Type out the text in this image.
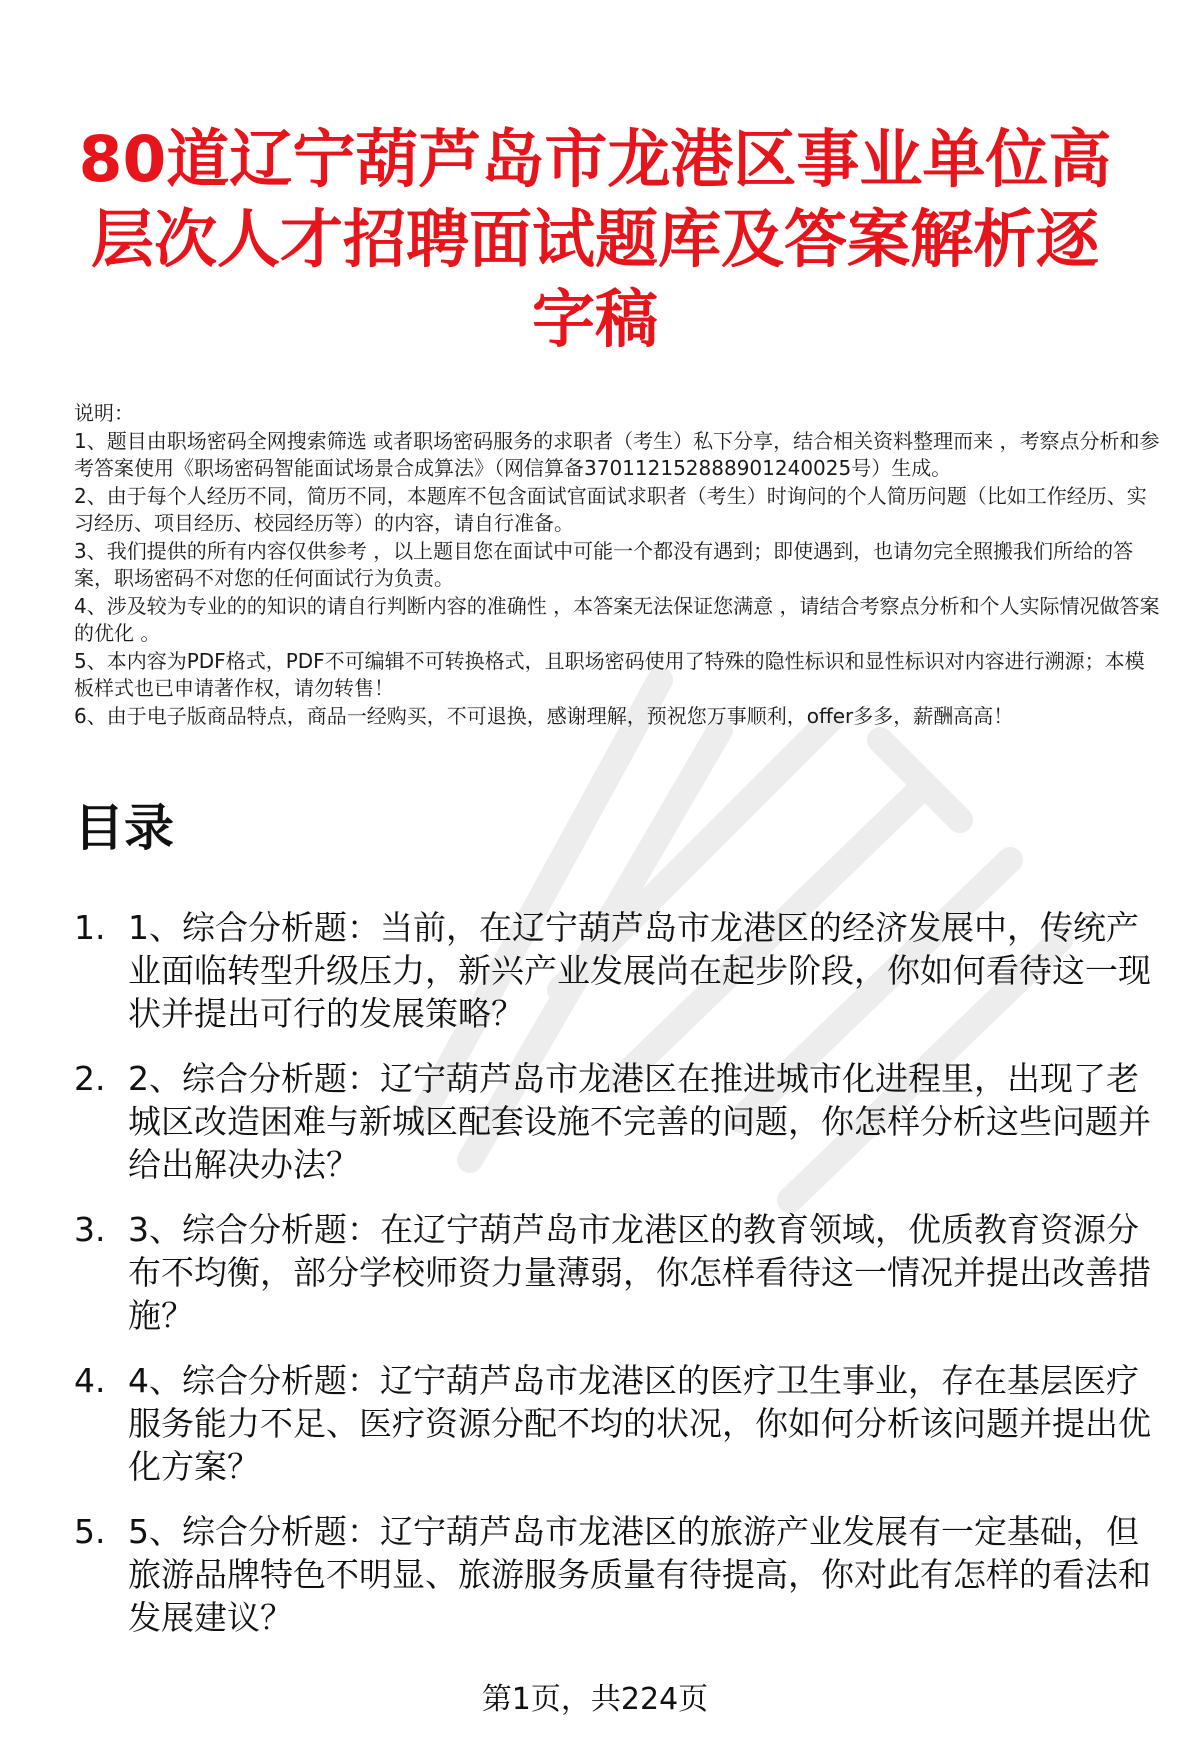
80道辽宁葫芦岛市龙港区事业单位高层次人才招聘面试题库及答案解析逐字稿

说明：

1、题目由职场密码全网搜索筛选 或者职场密码服务的求职者（考生）私下分享，结合相关资料整理而来 ，考察点分析和参考答案使用《职场密码智能面试场景合成算法》（网信算备370112152888901240025号）生成。

2、由于每个人经历不同，简历不同，本题库不包含面试官面试求职者（考生）时询问的个人简历问题（比如工作经历、实习经历、项目经历、校园经历等）的内容，请自行准备。

3、我们提供的所有内容仅供参考 ，以上题目您在面试中可能一个都没有遇到；即使遇到，也请勿完全照搬我们所给的答案，职场密码不对您的任何面试行为负责。

4、涉及较为专业的的知识的请自行判断内容的准确性 ，本答案无法保证您满意 ，请结合考察点分析和个人实际情况做答案的优化 。

5、本内容为PDF格式，PDF不可编辑不可转换格式，且职场密码使用了特殊的隐性标识和显性标识对内容进行溯源；本模板样式也已申请著作权，请勿转售！

6、由于电子版商品特点，商品一经购买，不可退换，感谢理解，预祝您万事顺利，offer多多，薪酬高高！

目录
1. 1、综合分析题：当前，在辽宁葫芦岛市龙港区的经济发展中，传统产业面临转型升级压力，新兴产业发展尚在起步阶段，你如何看待这一现状并提出可行的发展策略？
2. 2、综合分析题：辽宁葫芦岛市龙港区在推进城市化进程里，出现了老城区改造困难与新城区配套设施不完善的问题，你怎样分析这些问题并给出解决办法？
3. 3、综合分析题：在辽宁葫芦岛市龙港区的教育领域，优质教育资源分布不均衡，部分学校师资力量薄弱，你怎样看待这一情况并提出改善措施？
4. 4、综合分析题：辽宁葫芦岛市龙港区的医疗卫生事业，存在基层医疗服务能力不足、医疗资源分配不均的状况，你如何分析该问题并提出优化方案？
5. 5、综合分析题：辽宁葫芦岛市龙港区的旅游产业发展有一定基础，但旅游品牌特色不明显、旅游服务质量有待提高，你对此有怎样的看法和发展建议？
第1页，共224页
